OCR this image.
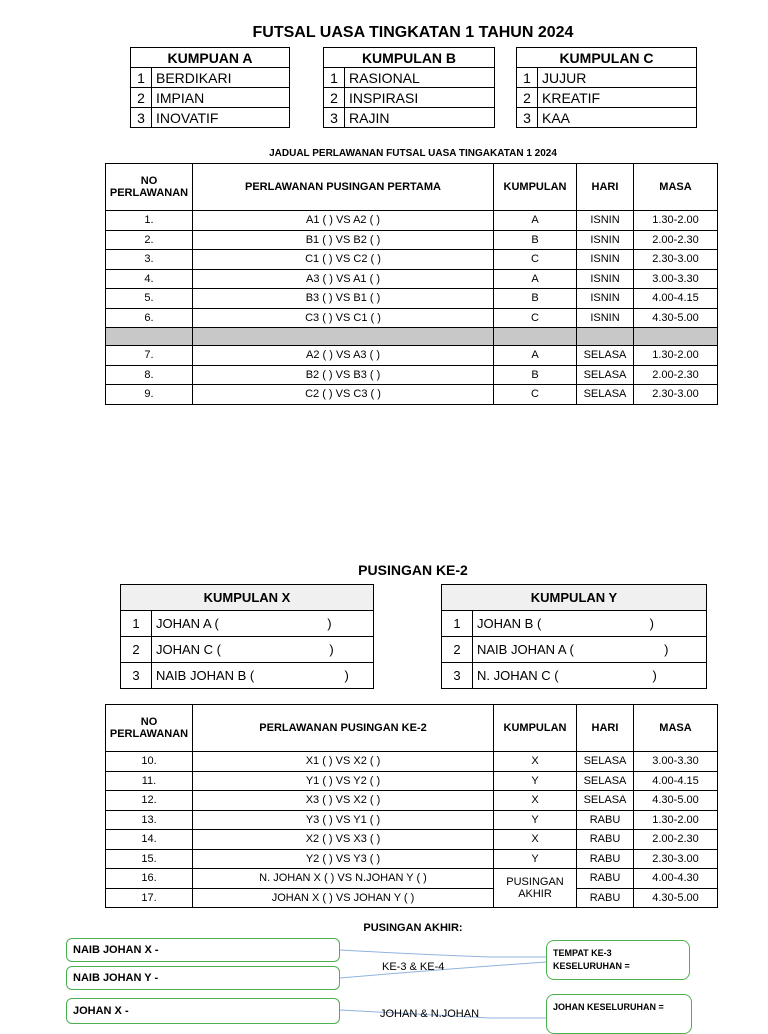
FUTSAL UASA TINGKATAN 1 TAHUN 2024
KUMPUAN A	
1	BERDIKARI
2	IMPIAN
3	INOVATIF
KUMPULAN B	
1	RASIONAL
2	INSPIRASI
3	RAJIN
KUMPULAN C	
1	JUJUR
2	KREATIF
3	KAA
JADUAL PERLAWANAN FUTSAL UASA TINGAKATAN 1 2024
NO PERLAWANAN	PERLAWANAN PUSINGAN PERTAMA	KUMPULAN	HARI	MASA
1.	A1 ( ) VS A2 ( )	A	ISNIN	1.30-2.00
2.	B1 ( ) VS B2 ( )	B	ISNIN	2.00-2.30
3.	C1 ( ) VS C2 ( )	C	ISNIN	2.30-3.00
4.	A3 ( ) VS A1 ( )	A	ISNIN	3.00-3.30
5.	B3 ( ) VS B1 ( )	B	ISNIN	4.00-4.15
6.	C3 ( ) VS C1 ( )	C	ISNIN	4.30-5.00

7.	A2 ( ) VS A3 ( )	A	SELASA	1.30-2.00
8.	B2 ( ) VS B3 ( )	B	SELASA	2.00-2.30
9.	C2 ( ) VS C3 ( )	C	SELASA	2.30-3.00
PUSINGAN KE-2
KUMPULAN X	
1	JOHAN A (                              )
2	JOHAN C (                              )
3	NAIB JOHAN B (                         )
KUMPULAN Y	
1	JOHAN B (                              )
2	NAIB JOHAN A (                         )
3	N. JOHAN C (                          )
NO PERLAWANAN	PERLAWANAN PUSINGAN KE-2	KUMPULAN	HARI	MASA
10.	X1 ( ) VS X2 ( )	X	SELASA	3.00-3.30
11.	Y1 ( ) VS Y2 ( )	Y	SELASA	4.00-4.15
12.	X3 ( ) VS X2 ( )	X	SELASA	4.30-5.00
13.	Y3 ( ) VS Y1 ( )	Y	RABU	1.30-2.00
14.	X2 ( ) VS X3 ( )	X	RABU	2.00-2.30
15.	Y2 ( ) VS Y3 ( )	Y	RABU	2.30-3.00
16.	N. JOHAN X ( ) VS N.JOHAN Y ( )	PUSINGAN AKHIR	RABU	4.00-4.30
17.	JOHAN X ( ) VS JOHAN Y ( )		RABU	4.30-5.00
PUSINGAN AKHIR:
NAIB JOHAN X -
NAIB JOHAN Y -
JOHAN X -
KE-3 & KE-4
JOHAN & N.JOHAN
TEMPAT KE-3 KESELURUHAN =
JOHAN KESELURUHAN =
